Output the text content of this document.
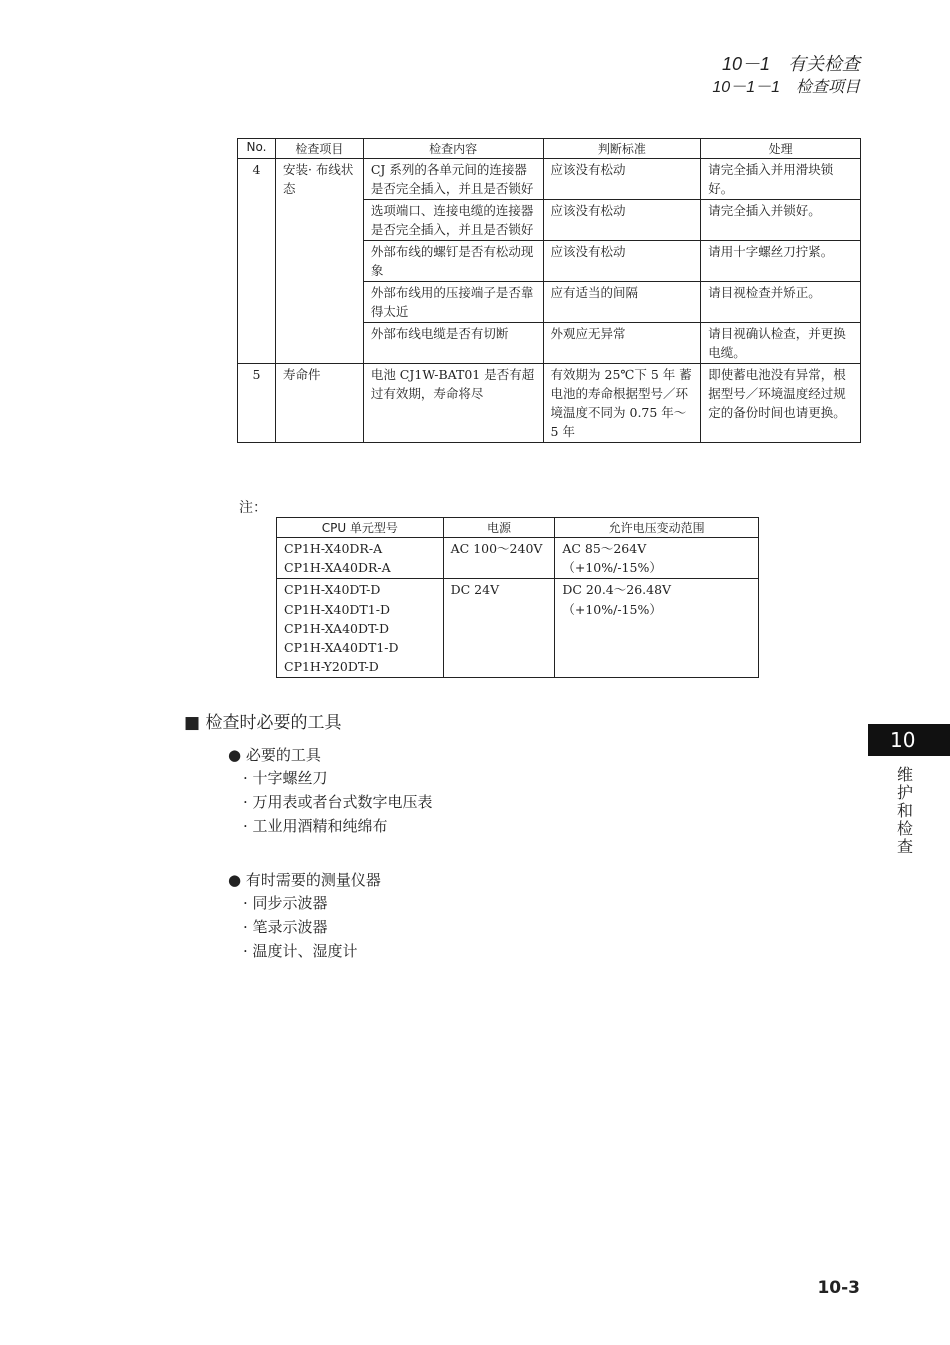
10－1　有关检查
10－1－1　检查项目
No.	检查项目	检查内容	判断标准	处理
4	安装· 布线状态	CJ 系列的各单元间的连接器是否完全插入，并且是否锁好	应该没有松动	请完全插入并用滑块锁好。
		选项端口、连接电缆的连接器是否完全插入，并且是否锁好	应该没有松动	请完全插入并锁好。
		外部布线的螺钉是否有松动现象	应该没有松动	请用十字螺丝刀拧紧。
		外部布线用的压接端子是否靠得太近	应有适当的间隔	请目视检查并矫正。
		外部布线电缆是否有切断	外观应无异常	请目视确认检查，并更换电缆。
5	寿命件	电池 CJ1W-BAT01 是否有超过有效期，寿命将尽	有效期为 25℃下 5 年 蓄电池的寿命根据型号／环境温度不同为 0.75 年～5 年	即使蓄电池没有异常，根据型号／环境温度经过规定的备份时间也请更换。
注：
CPU 单元型号	电源	允许电压变动范围

CP1H-X40DR-A
CP1H-XA40DR-A	AC 100～240V	AC 85～264V
（+10%/-15%）

CP1H-X40DT-D
CP1H-X40DT1-D
CP1H-XA40DT-D
CP1H-XA40DT1-D
CP1H-Y20DT-D	DC 24V	DC 20.4～26.48V
（+10%/-15%）
■ 检查时必要的工具
● 必要的工具
· 十字螺丝刀
· 万用表或者台式数字电压表
· 工业用酒精和纯绵布
● 有时需要的测量仪器
· 同步示波器
· 笔录示波器
· 温度计、湿度计
10
维
护
和
检
查
10-3
